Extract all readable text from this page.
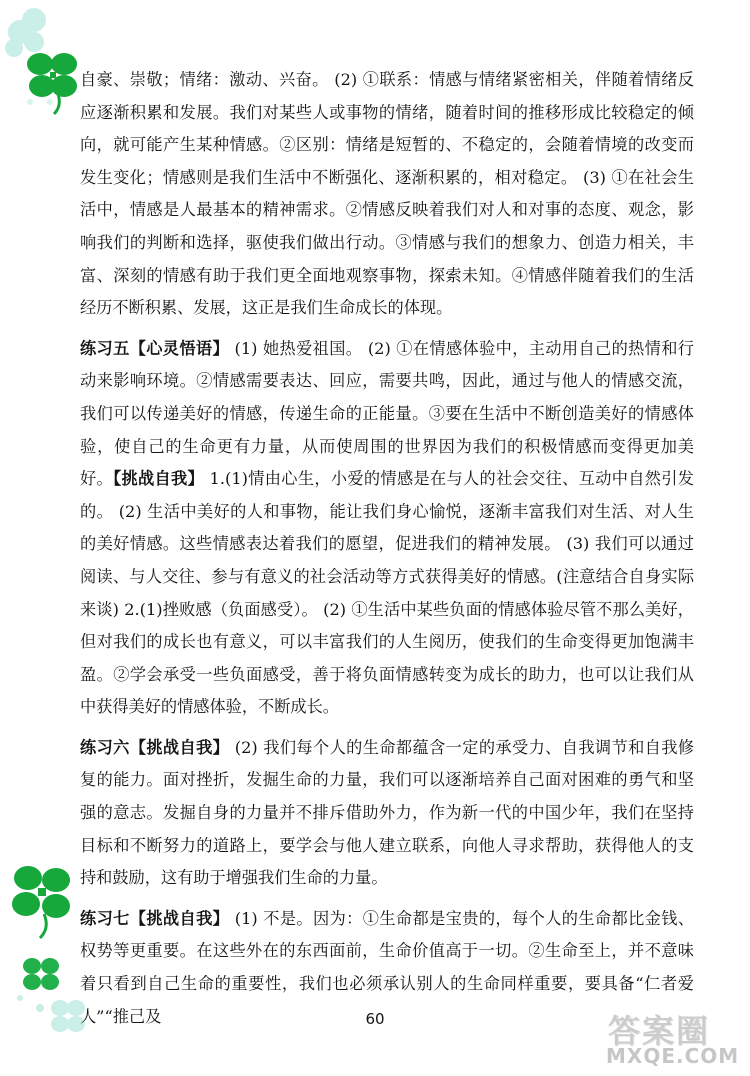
自豪、崇敬；情绪：激动、兴奋。 (2) ①联系：情感与情绪紧密相关，伴随着情绪反应逐渐积累和发展。我们对某些人或事物的情绪，随着时间的推移形成比较稳定的倾向，就可能产生某种情感。②区别：情绪是短暂的、不稳定的，会随着情境的改变而发生变化；情感则是我们生活中不断强化、逐渐积累的，相对稳定。 (3) ①在社会生活中，情感是人最基本的精神需求。②情感反映着我们对人和对事的态度、观念，影响我们的判断和选择，驱使我们做出行动。③情感与我们的想象力、创造力相关，丰富、深刻的情感有助于我们更全面地观察事物，探索未知。④情感伴随着我们的生活经历不断积累、发展，这正是我们生命成长的体现。

练习五【心灵悟语】 (1) 她热爱祖国。 (2) ①在情感体验中，主动用自己的热情和行动来影响环境。②情感需要表达、回应，需要共鸣，因此，通过与他人的情感交流，我们可以传递美好的情感，传递生命的正能量。③要在生活中不断创造美好的情感体验，使自己的生命更有力量，从而使周围的世界因为我们的积极情感而变得更加美好。【挑战自我】 1.(1)情由心生，小爱的情感是在与人的社会交往、互动中自然引发的。 (2) 生活中美好的人和事物，能让我们身心愉悦，逐渐丰富我们对生活、对人生的美好情感。这些情感表达着我们的愿望，促进我们的精神发展。 (3) 我们可以通过阅读、与人交往、参与有意义的社会活动等方式获得美好的情感。(注意结合自身实际来谈) 2.(1)挫败感（负面感受）。 (2) ①生活中某些负面的情感体验尽管不那么美好，但对我们的成长也有意义，可以丰富我们的人生阅历，使我们的生命变得更加饱满丰盈。②学会承受一些负面感受，善于将负面情感转变为成长的助力，也可以让我们从中获得美好的情感体验，不断成长。

练习六【挑战自我】 (2) 我们每个人的生命都蕴含一定的承受力、自我调节和自我修复的能力。面对挫折，发掘生命的力量，我们可以逐渐培养自己面对困难的勇气和坚强的意志。发掘自身的力量并不排斥借助外力，作为新一代的中国少年，我们在坚持目标和不断努力的道路上，要学会与他人建立联系，向他人寻求帮助，获得他人的支持和鼓励，这有助于增强我们生命的力量。

练习七【挑战自我】 (1) 不是。因为：①生命都是宝贵的，每个人的生命都比金钱、权势等更重要。在这些外在的东西面前，生命价值高于一切。②生命至上，并不意味着只看到自己生命的重要性，我们也必须承认别人的生命同样重要，要具备“仁者爱人”“推己及	60	答案圈
MXQE.COM
